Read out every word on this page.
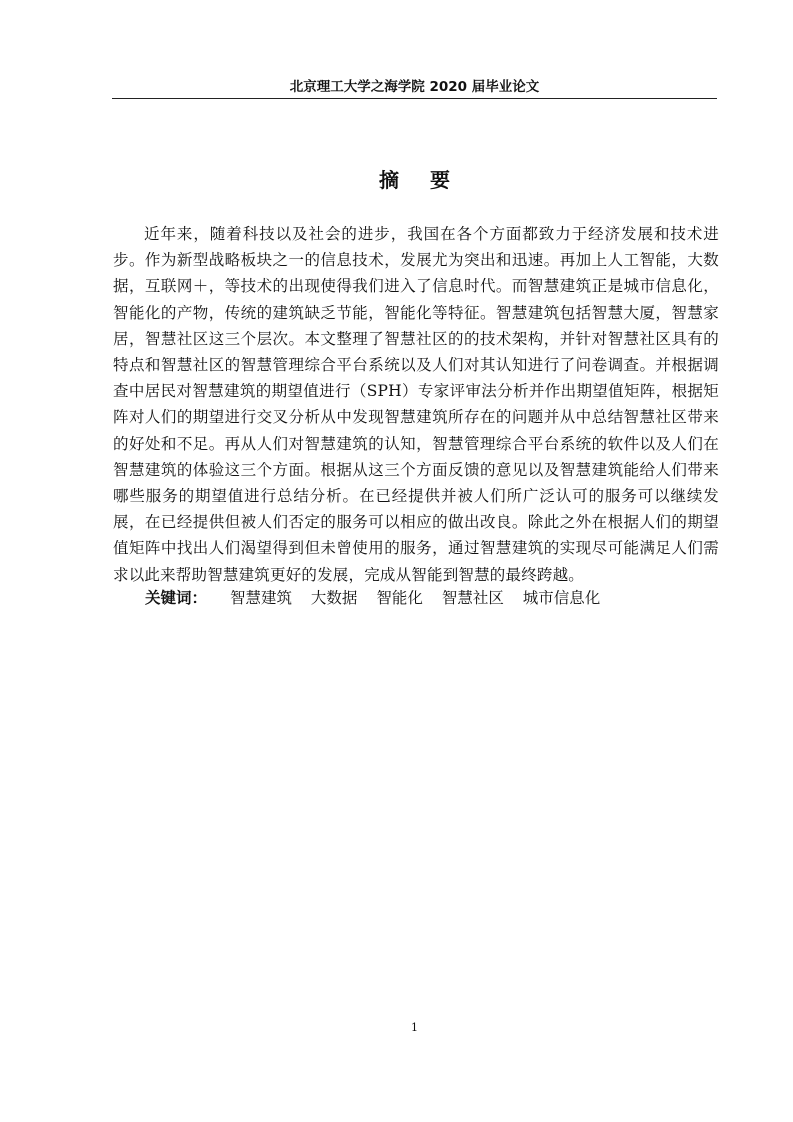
北京理工大学之海学院 2020 届毕业论文
摘 要

近年来，随着科技以及社会的进步，我国在各个方面都致力于经济发展和技术进步。作为新型战略板块之一的信息技术，发展尤为突出和迅速。再加上人工智能，大数据，互联网＋，等技术的出现使得我们进入了信息时代。而智慧建筑正是城市信息化，智能化的产物，传统的建筑缺乏节能，智能化等特征。智慧建筑包括智慧大厦，智慧家居，智慧社区这三个层次。本文整理了智慧社区的的技术架构，并针对智慧社区具有的特点和智慧社区的智慧管理综合平台系统以及人们对其认知进行了问卷调查。并根据调查中居民对智慧建筑的期望值进行（SPH）专家评审法分析并作出期望值矩阵，根据矩阵对人们的期望进行交叉分析从中发现智慧建筑所存在的问题并从中总结智慧社区带来的好处和不足。再从人们对智慧建筑的认知，智慧管理综合平台系统的软件以及人们在智慧建筑的体验这三个方面。根据从这三个方面反馈的意见以及智慧建筑能给人们带来哪些服务的期望值进行总结分析。在已经提供并被人们所广泛认可的服务可以继续发展，在已经提供但被人们否定的服务可以相应的做出改良。除此之外在根据人们的期望值矩阵中找出人们渴望得到但未曾使用的服务，通过智慧建筑的实现尽可能满足人们需求以此来帮助智慧建筑更好的发展，完成从智能到智慧的最终跨越。

关键词： 智慧建筑 大数据 智能化 智慧社区 城市信息化
1
